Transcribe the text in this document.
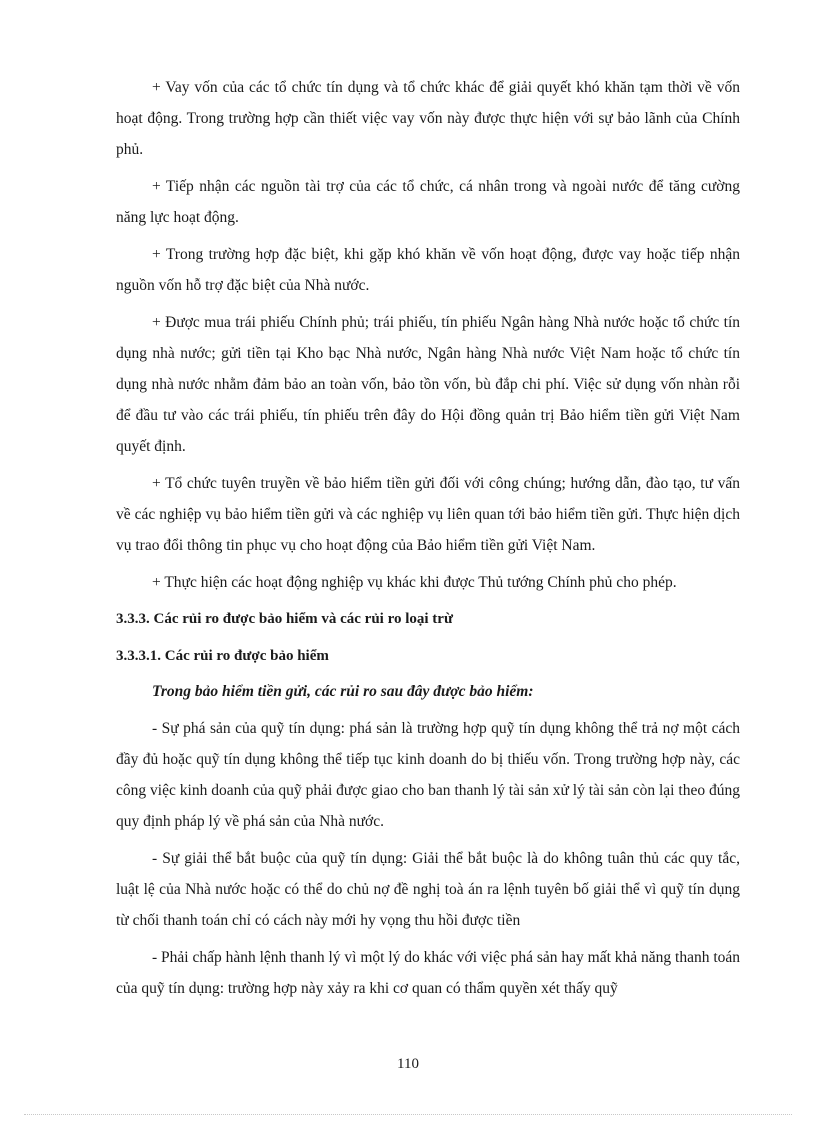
+ Vay vốn của các tổ chức tín dụng và tổ chức khác để giải quyết khó khăn tạm thời về vốn hoạt động. Trong trường hợp cần thiết việc vay vốn này được thực hiện với sự bảo lãnh của Chính phủ.

+ Tiếp nhận các nguồn tài trợ của các tổ chức, cá nhân trong và ngoài nước để tăng cường năng lực hoạt động.

+ Trong trường hợp đặc biệt, khi gặp khó khăn về vốn hoạt động, được vay hoặc tiếp nhận nguồn vốn hỗ trợ đặc biệt của Nhà nước.

+ Được mua trái phiếu Chính phủ; trái phiếu, tín phiếu Ngân hàng Nhà nước hoặc tổ chức tín dụng nhà nước; gửi tiền tại Kho bạc Nhà nước, Ngân hàng Nhà nước Việt Nam hoặc tổ chức tín dụng nhà nước nhằm đảm bảo an toàn vốn, bảo tồn vốn, bù đắp chi phí. Việc sử dụng vốn nhàn rỗi để đầu tư vào các trái phiếu, tín phiếu trên đây do Hội đồng quản trị Bảo hiểm tiền gửi Việt Nam quyết định.

+ Tổ chức tuyên truyền về bảo hiểm tiền gửi đối với công chúng; hướng dẫn, đào tạo, tư vấn về các nghiệp vụ bảo hiểm tiền gửi và các nghiệp vụ liên quan tới bảo hiểm tiền gửi. Thực hiện dịch vụ trao đổi thông tin phục vụ cho hoạt động của Bảo hiểm tiền gửi Việt Nam.

+ Thực hiện các hoạt động nghiệp vụ khác khi được Thủ tướng Chính phủ cho phép.

3.3.3. Các rủi ro được bảo hiểm và các rủi ro loại trừ
3.3.3.1. Các rủi ro được bảo hiểm

Trong bảo hiểm tiền gửi, các rủi ro sau đây được bảo hiểm:

- Sự phá sản của quỹ tín dụng: phá sản là trường hợp quỹ tín dụng không thể trả nợ một cách đầy đủ hoặc quỹ tín dụng không thể tiếp tục kinh doanh do bị thiếu vốn. Trong trường hợp này, các công việc kinh doanh của quỹ phải được giao cho ban thanh lý tài sản xử lý tài sản còn lại theo đúng quy định pháp lý về phá sản của Nhà nước.

- Sự giải thể bắt buộc của quỹ tín dụng: Giải thể bắt buộc là do không tuân thủ các quy tắc, luật lệ của Nhà nước hoặc có thể do chủ nợ đề nghị toà án ra lệnh tuyên bố giải thể vì quỹ tín dụng từ chối thanh toán chỉ có cách này mới hy vọng thu hồi được tiền

- Phải chấp hành lệnh thanh lý vì một lý do khác với việc phá sản hay mất khả năng thanh toán của quỹ tín dụng: trường hợp này xảy ra khi cơ quan có thẩm quyền xét thấy quỹ

110
